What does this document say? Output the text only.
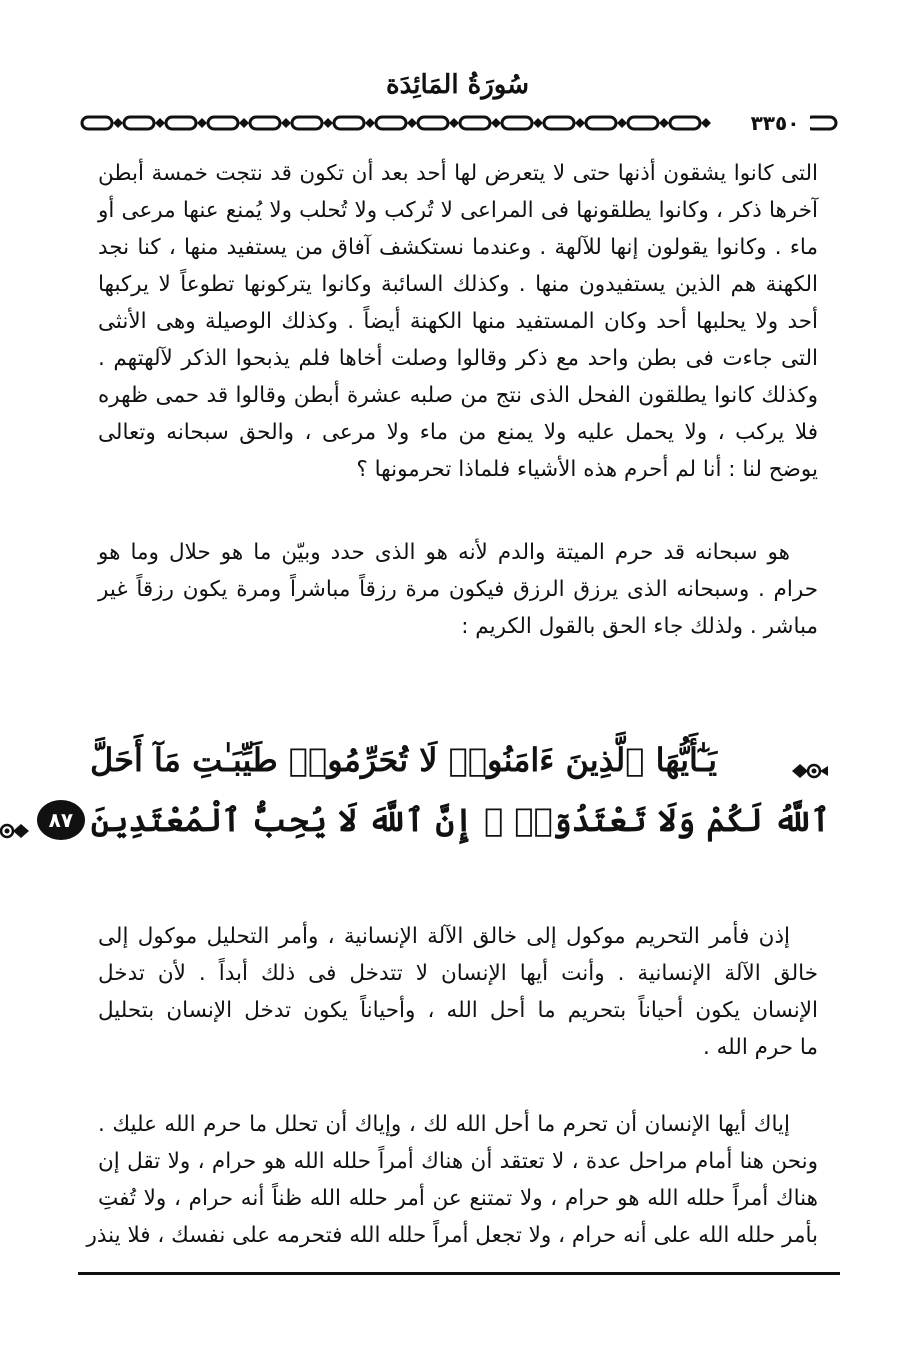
سُورَةُ المَائِدَة
٣٣٥٠
التى كانوا يشقون أذنها حتى لا يتعرض لها أحد بعد أن تكون قد نتجت خمسة أبطن
آخرها ذكر ، وكانوا يطلقونها فى المراعى لا تُركب ولا تُحلب ولا يُمنع عنها مرعى أو
ماء . وكانوا يقولون إنها للآلهة . وعندما نستكشف آفاق من يستفيد منها ، كنا نجد
الكهنة هم الذين يستفيدون منها . وكذلك السائبة وكانوا يتركونها تطوعاً لا يركبها
أحد ولا يحلبها أحد وكان المستفيد منها الكهنة أيضاً . وكذلك الوصيلة وهى الأنثى
التى جاءت فى بطن واحد مع ذكر وقالوا وصلت أخاها فلم يذبحوا الذكر لآلهتهم .
وكذلك كانوا يطلقون الفحل الذى نتج من صلبه عشرة أبطن وقالوا قد حمى ظهره
فلا يركب ، ولا يحمل عليه ولا يمنع من ماء ولا مرعى ، والحق سبحانه وتعالى
يوضح لنا : أنا لم أحرم هذه الأشياء فلماذا تحرمونها ؟
هو سبحانه قد حرم الميتة والدم لأنه هو الذى حدد وبيّن ما هو حلال وما هو
حرام . وسبحانه الذى يرزق الرزق فيكون مرة رزقاً مباشراً ومرة يكون رزقاً غير
مباشر . ولذلك جاء الحق بالقول الكريم :
يَـٰٓأَيُّهَا ٱلَّذِينَ ءَامَنُوا۟ لَا تُحَرِّمُوا۟ طَيِّبَـٰتِ مَآ أَحَلَّ
ٱللَّهُ لَكُمْ وَلَا تَعْتَدُوٓا۟ ۚ إِنَّ ٱللَّهَ لَا يُحِبُّ ٱلْمُعْتَدِينَ
٨٧
إذن فأمر التحريم موكول إلى خالق الآلة الإنسانية ، وأمر التحليل موكول إلى
خالق الآلة الإنسانية . وأنت أيها الإنسان لا تتدخل فى ذلك أبداً . لأن تدخل
الإنسان يكون أحياناً بتحريم ما أحل الله ، وأحياناً يكون تدخل الإنسان بتحليل
ما حرم الله .
إياك أيها الإنسان أن تحرم ما أحل الله لك ، وإياك أن تحلل ما حرم الله عليك .
ونحن هنا أمام مراحل عدة ، لا تعتقد أن هناك أمراً حلله الله هو حرام ، ولا تقل إن
هناك أمراً حلله الله هو حرام ، ولا تمتنع عن أمر حلله الله ظناً أنه حرام ، ولا تُفتِ
بأمر حلله الله على أنه حرام ، ولا تجعل أمراً حلله الله فتحرمه على نفسك ، فلا ينذر
